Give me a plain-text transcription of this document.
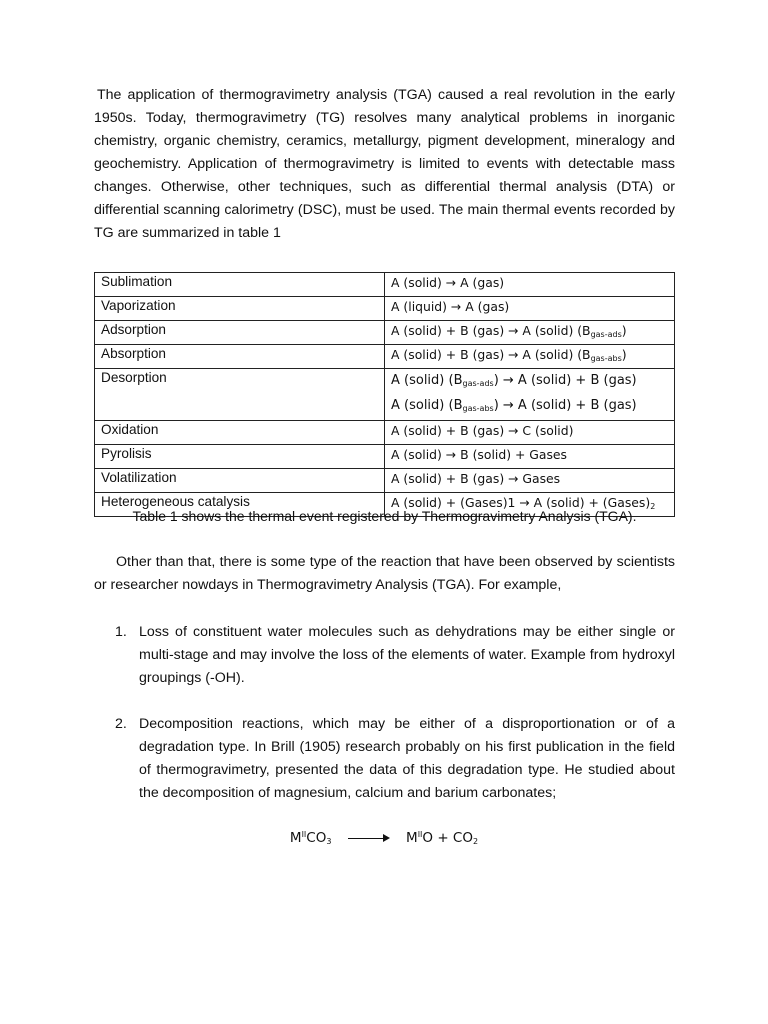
The application of thermogravimetry analysis (TGA) caused a real revolution in the early 1950s. Today, thermogravimetry (TG) resolves many analytical problems in inorganic chemistry, organic chemistry, ceramics, metallurgy, pigment development, mineralogy and geochemistry. Application of thermogravimetry is limited to events with detectable mass changes. Otherwise, other techniques, such as differential thermal analysis (DTA) or differential scanning calorimetry (DSC), must be used. The main thermal events recorded by TG are summarized in table 1

Sublimation	A (solid) → A (gas)
Vaporization	A (liquid) → A (gas)
Adsorption	A (solid) + B (gas) → A (solid) $(B_{gas-ads})$
Absorption	A (solid) + B (gas) → A (solid) $(B_{gas-abs})$
Desorption	A (solid) $(B_{gas-ads}) \to A$ (solid) + B (gas)
A (solid) $(B_{gas-abs}) \to A$ (solid) + B (gas)

Oxidation	A (solid) + B (gas) → C (solid)
Pyrolisis	A (solid) → B (solid) + Gases
Volatilization	A (solid) + B (gas) → Gases
Heterogeneous catalysis	A (solid) + (Gases)1 → A (solid) + $(Gases)_2$
Table 1 shows the thermal event registered by Thermogravimetry Analysis (TGA).

Other than that, there is some type of the reaction that have been observed by scientists or researcher nowdays in Thermogravimetry Analysis (TGA). For example,

1. Loss of constituent water molecules such as dehydrations may be either single or multi-stage and may involve the loss of the elements of water. Example from hydroxyl groupings (-OH).
2. Decomposition reactions, which may be either of a disproportionation or of a degradation type. In Brill (1905) research probably on his first publication in the field of thermogravimetry, presented the data of this degradation type. He studied about the decomposition of magnesium, calcium and barium carbonates;
$M^{II}CO_3$	$M^{II}O + CO_2$
